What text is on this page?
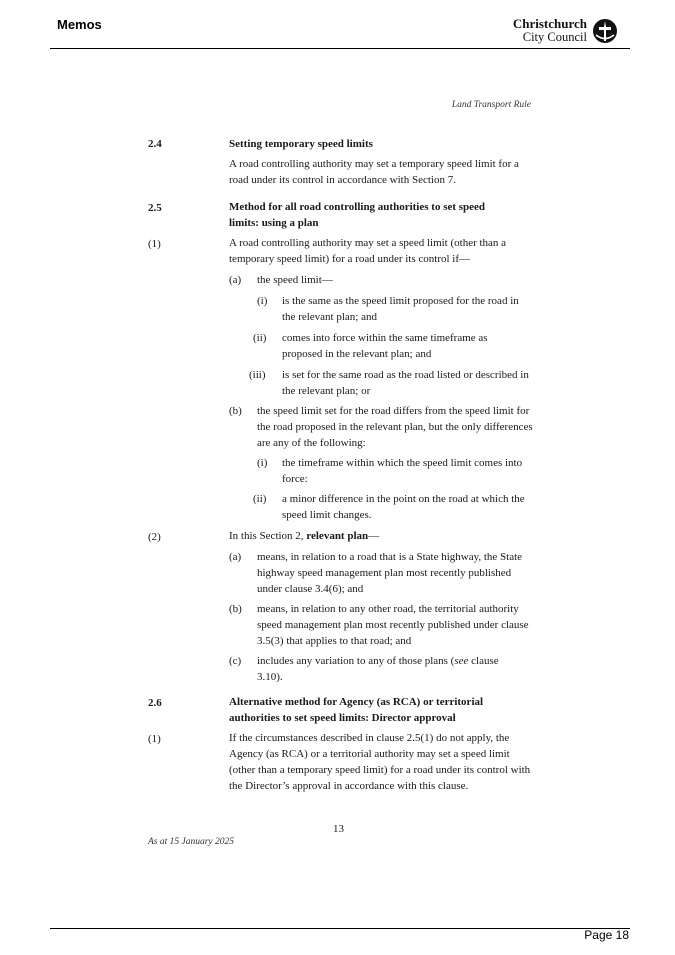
Memos	Christchurch
City Council
Land Transport Rule
2.4	Setting temporary speed limits

A road controlling authority may set a temporary speed limit for a road under its control in accordance with Section 7.

2.5	Method for all road controlling authorities to set speed limits: using a plan
(1)	A road controlling authority may set a speed limit (other than a temporary speed limit) for a road under its control if—

(a) the speed limit—

(i) is the same as the speed limit proposed for the road in the relevant plan; and

(ii) comes into force within the same timeframe as proposed in the relevant plan; and

(iii) is set for the same road as the road listed or described in the relevant plan; or

(b) the speed limit set for the road differs from the speed limit for the road proposed in the relevant plan, but the only differences are any of the following:

(i) the timeframe within which the speed limit comes into force:

(ii) a minor difference in the point on the road at which the speed limit changes.

(2)	In this Section 2, relevant plan—

(a) means, in relation to a road that is a State highway, the State highway speed management plan most recently published under clause 3.4(6); and

(b) means, in relation to any other road, the territorial authority speed management plan most recently published under clause 3.5(3) that applies to that road; and

(c) includes any variation to any of those plans (see clause 3.10).

2.6	Alternative method for Agency (as RCA) or territorial authorities to set speed limits: Director approval
(1)	If the circumstances described in clause 2.5(1) do not apply, the Agency (as RCA) or a territorial authority may set a speed limit (other than a temporary speed limit) for a road under its control with the Director’s approval in accordance with this clause.

13
As at 15 January 2025
Page 18
